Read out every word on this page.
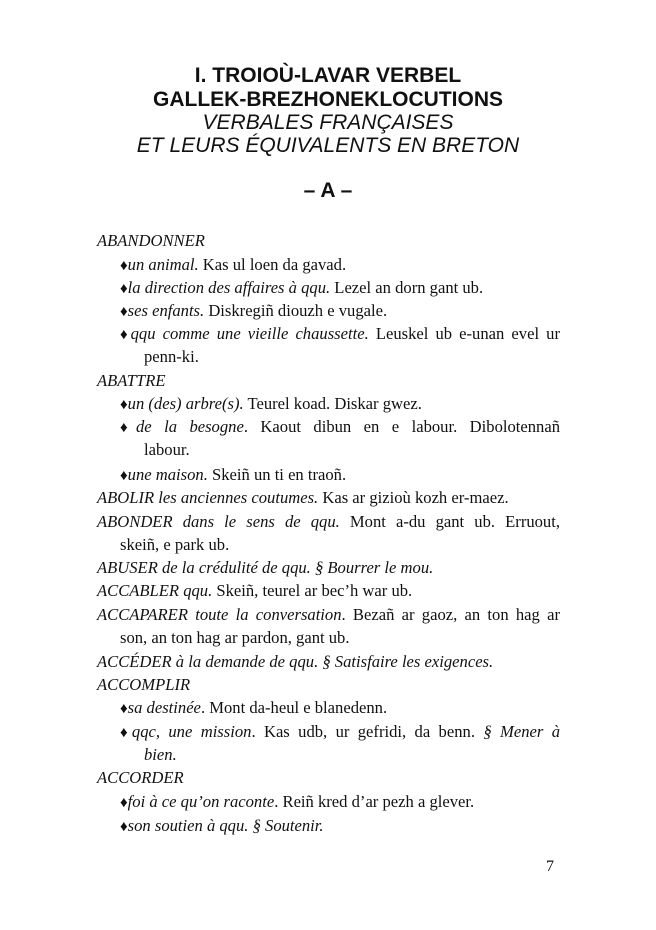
I. TROIOÙ-LAVAR VERBEL
GALLEK-BREZHONEKLOCUTIONS
VERBALES FRANÇAISES
ET LEURS ÉQUIVALENTS EN BRETON
– A –
ABANDONNER
♦un animal. Kas ul loen da gavad.
♦la direction des affaires à qqu. Lezel an dorn gant ub.
♦ses enfants. Diskregiñ diouzh e vugale.
♦qqu comme une vieille chaussette. Leuskel ub e-unan evel ur
penn-ki.
ABATTRE
♦un (des) arbre(s). Teurel koad. Diskar gwez.
♦de la besogne. Kaout dibun en e labour. Dibolotennañ
labour.
♦une maison. Skeiñ un ti en traoñ.
ABOLIR les anciennes coutumes. Kas ar gizioù kozh er-maez.
ABONDER dans le sens de qqu. Mont a-du gant ub. Erruout,
skeiñ, e park ub.
ABUSER de la crédulité de qqu. § Bourrer le mou.
ACCABLER qqu. Skeiñ, teurel ar bec’h war ub.
ACCAPARER toute la conversation. Bezañ ar gaoz, an ton hag ar
son, an ton hag ar pardon, gant ub.
ACCÉDER à la demande de qqu. § Satisfaire les exigences.
ACCOMPLIR
♦sa destinée. Mont da-heul e blanedenn.
♦qqc, une mission. Kas udb, ur gefridi, da benn. § Mener à
bien.
ACCORDER
♦foi à ce qu’on raconte. Reiñ kred d’ar pezh a glever.
♦son soutien à qqu. § Soutenir.
7
